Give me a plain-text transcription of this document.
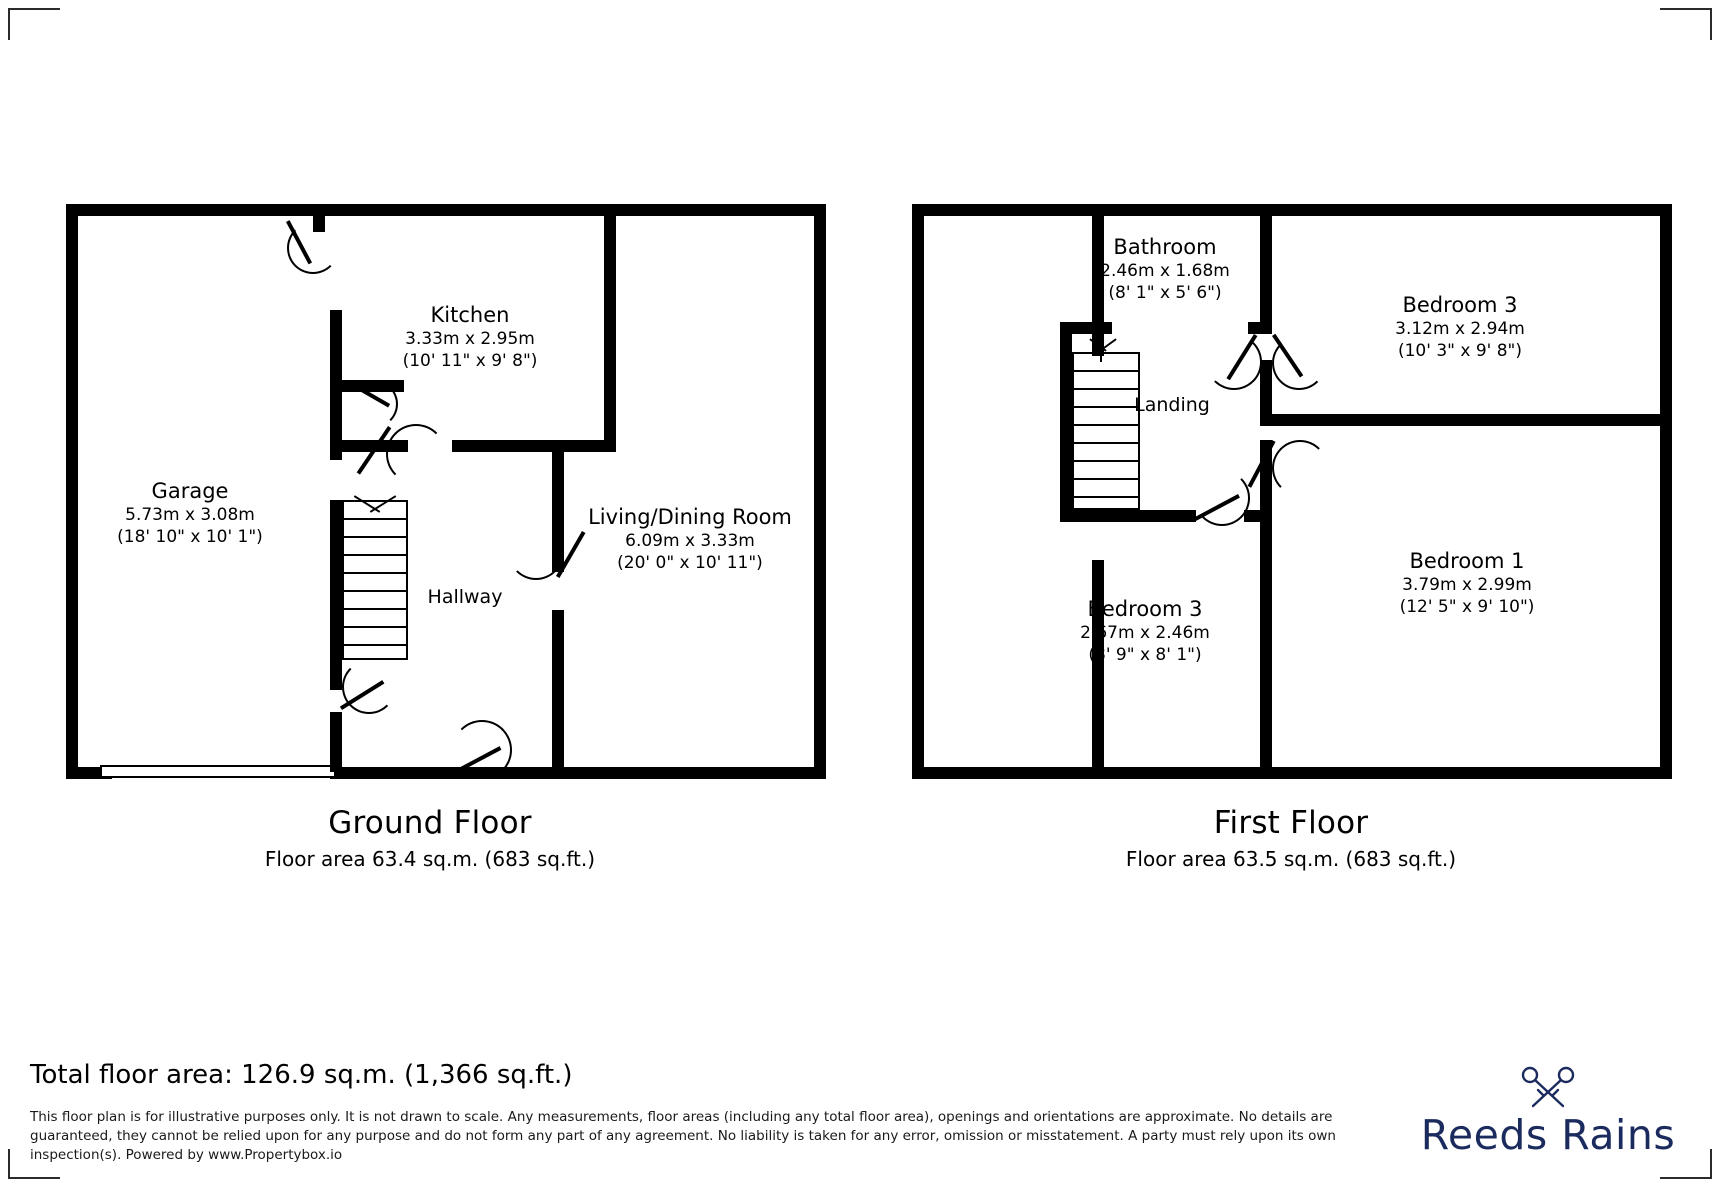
Garage
5.73m x 3.08m
(18' 10" x 10' 1")
Kitchen
3.33m x 2.95m
(10' 11" x 9' 8")
Living/Dining Room
6.09m x 3.33m
(20' 0" x 10' 11")
Hallway
Ground Floor
Floor area 63.4 sq.m. (683 sq.ft.)
Bathroom
2.46m x 1.68m
(8' 1" x 5' 6")
Bedroom 3
3.12m x 2.94m
(10' 3" x 9' 8")
Landing
Bedroom 1
3.79m x 2.99m
(12' 5" x 9' 10")
Bedroom 3
2.67m x 2.46m
(8' 9" x 8' 1")
First Floor
Floor area 63.5 sq.m. (683 sq.ft.)
Total floor area: 126.9 sq.m. (1,366 sq.ft.)
This floor plan is for illustrative purposes only. It is not drawn to scale. Any measurements, floor areas (including any total floor area), openings and orientations are approximate. No details are guaranteed, they cannot be relied upon for any purpose and do not form any part of any agreement. No liability is taken for any error, omission or misstatement. A party must rely upon its own inspection(s). Powered by www.Propertybox.io	Reeds Rains
